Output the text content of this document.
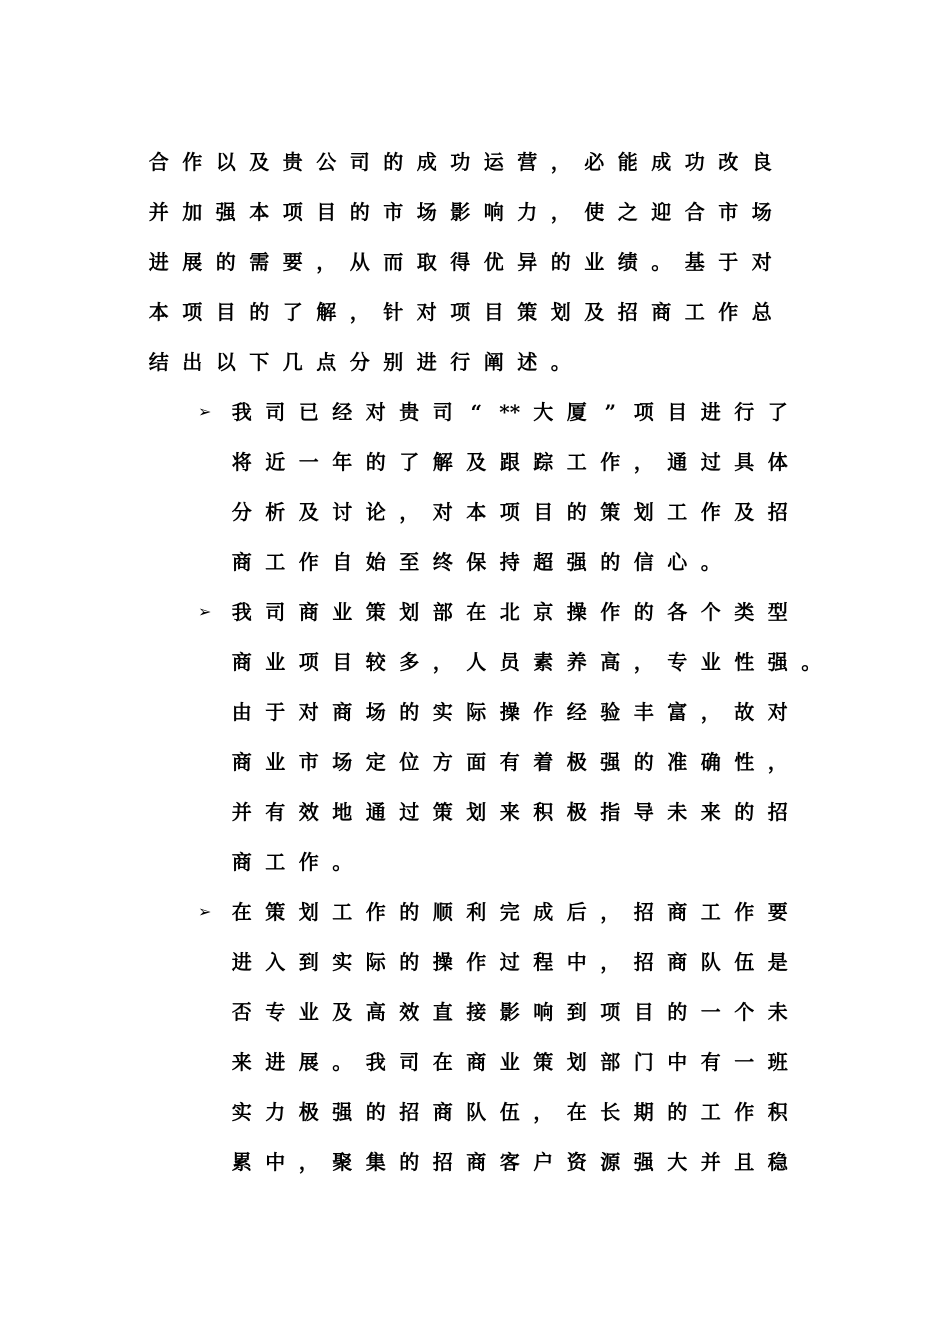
合 作 以 及 贵 公 司 的 成 功 运 营 ， 必 能 成 功 改 良
并 加 强 本 项 目 的 市 场 影 响 力 ， 使 之 迎 合 市 场
进 展 的 需 要 ， 从 而 取 得 优 异 的 业 绩 。 基 于 对
本 项 目 的 了 解 ， 针 对 项 目 策 划 及 招 商 工 作 总
结 出 以 下 几 点 分 别 进 行 阐 述 。
➢	我 司 已 经 对 贵 司 “ ** 大 厦 ” 项 目 进 行 了
将 近 一 年 的 了 解 及 跟 踪 工 作 ， 通 过 具 体
分 析 及 讨 论 ， 对 本 项 目 的 策 划 工 作 及 招
商 工 作 自 始 至 终 保 持 超 强 的 信 心 。
➢	我 司 商 业 策 划 部 在 北 京 操 作 的 各 个 类 型
商 业 项 目 较 多 ， 人 员 素 养 高 ， 专 业 性 强 。
由 于 对 商 场 的 实 际 操 作 经 验 丰 富 ， 故 对
商 业 市 场 定 位 方 面 有 着 极 强 的 准 确 性 ，
并 有 效 地 通 过 策 划 来 积 极 指 导 未 来 的 招
商 工 作 。
➢	在 策 划 工 作 的 顺 利 完 成 后 ， 招 商 工 作 要
进 入 到 实 际 的 操 作 过 程 中 ， 招 商 队 伍 是
否 专 业 及 高 效 直 接 影 响 到 项 目 的 一 个 未
来 进 展 。 我 司 在 商 业 策 划 部 门 中 有 一 班
实 力 极 强 的 招 商 队 伍 ， 在 长 期 的 工 作 积
累 中 ， 聚 集 的 招 商 客 户 资 源 强 大 并 且 稳
